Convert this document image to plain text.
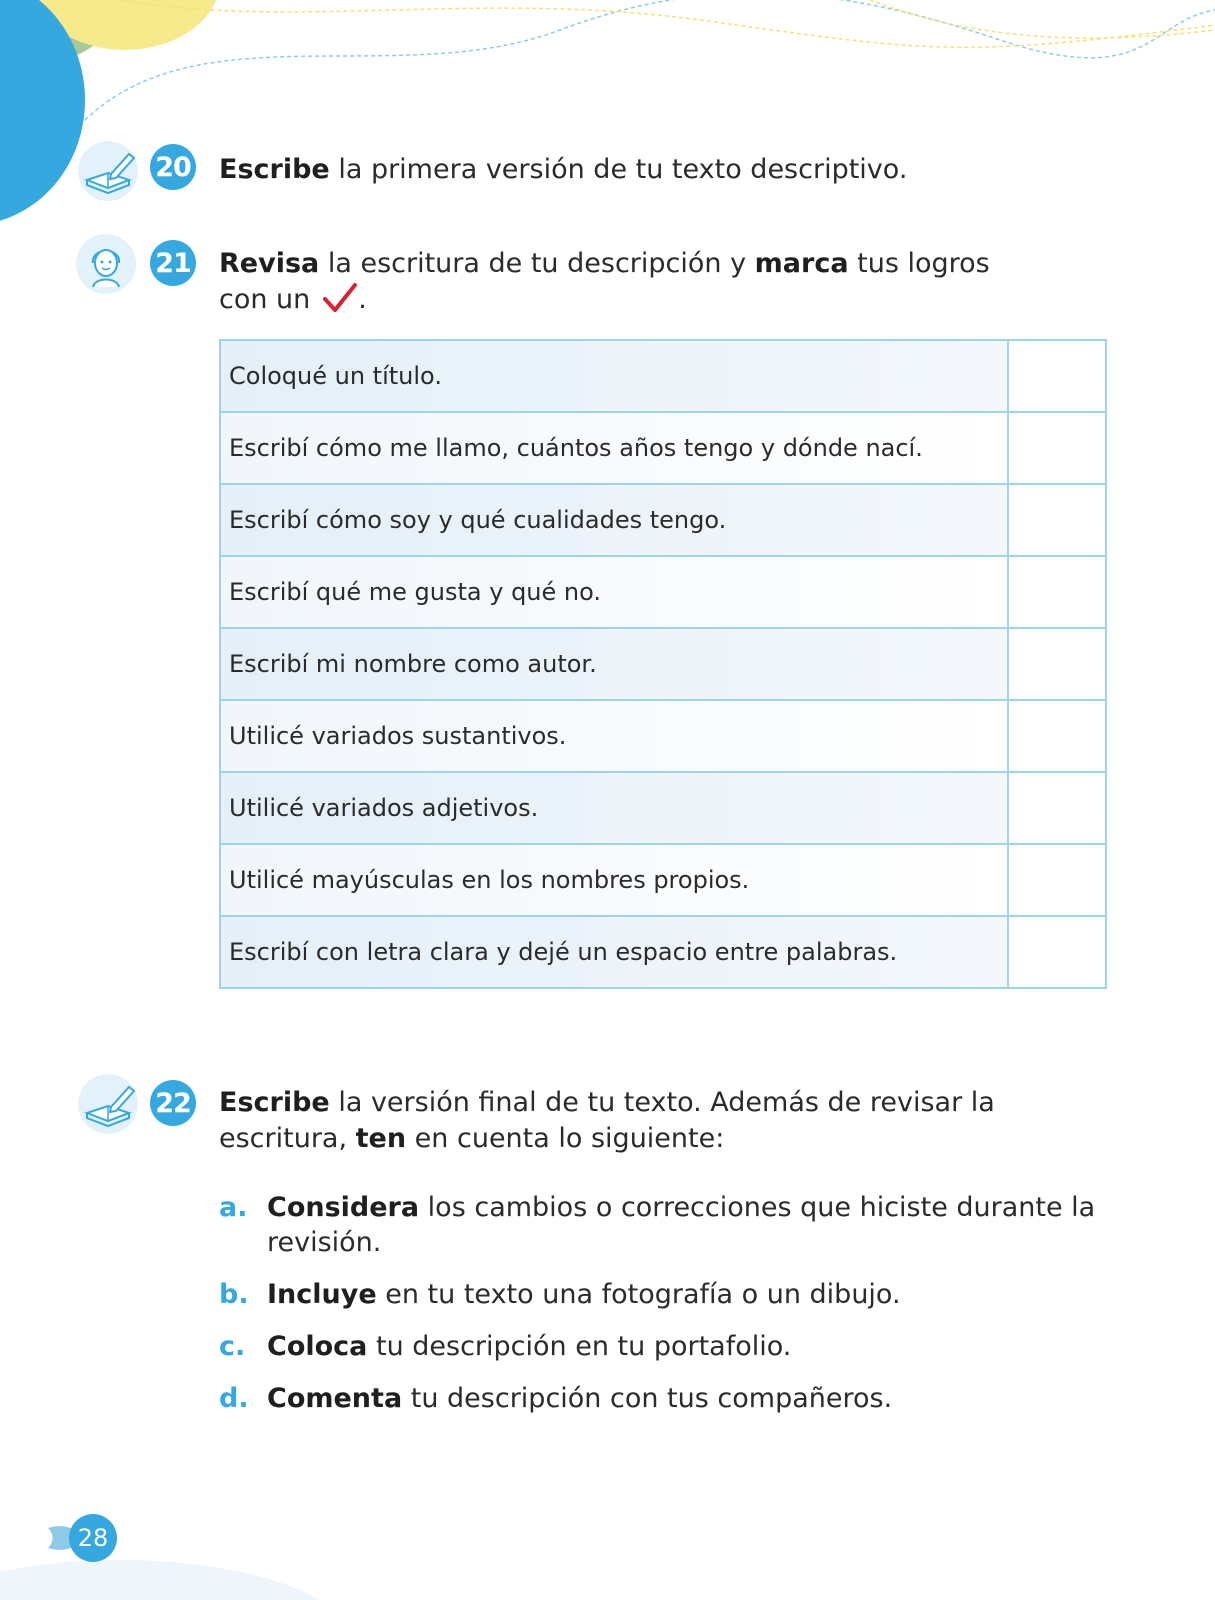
20 Escribe la primera versión de tu texto descriptivo.
21 Revisa la escritura de tu descripción y marca tus logros
con un .
Coloqué un título.	
Escribí cómo me llamo, cuántos años tengo y dónde nací.	
Escribí cómo soy y qué cualidades tengo.	
Escribí qué me gusta y qué no.	
Escribí mi nombre como autor.	
Utilicé variados sustantivos.	
Utilicé variados adjetivos.	
Utilicé mayúsculas en los nombres propios.	
Escribí con letra clara y dejé un espacio entre palabras.	
22 Escribe la versión final de tu texto. Además de revisar la
escritura, ten en cuenta lo siguiente:
a. Considera los cambios o correcciones que hiciste durante la revisión.
b. Incluye en tu texto una fotografía o un dibujo.
c. Coloca tu descripción en tu portafolio.
d. Comenta tu descripción con tus compañeros.
28
